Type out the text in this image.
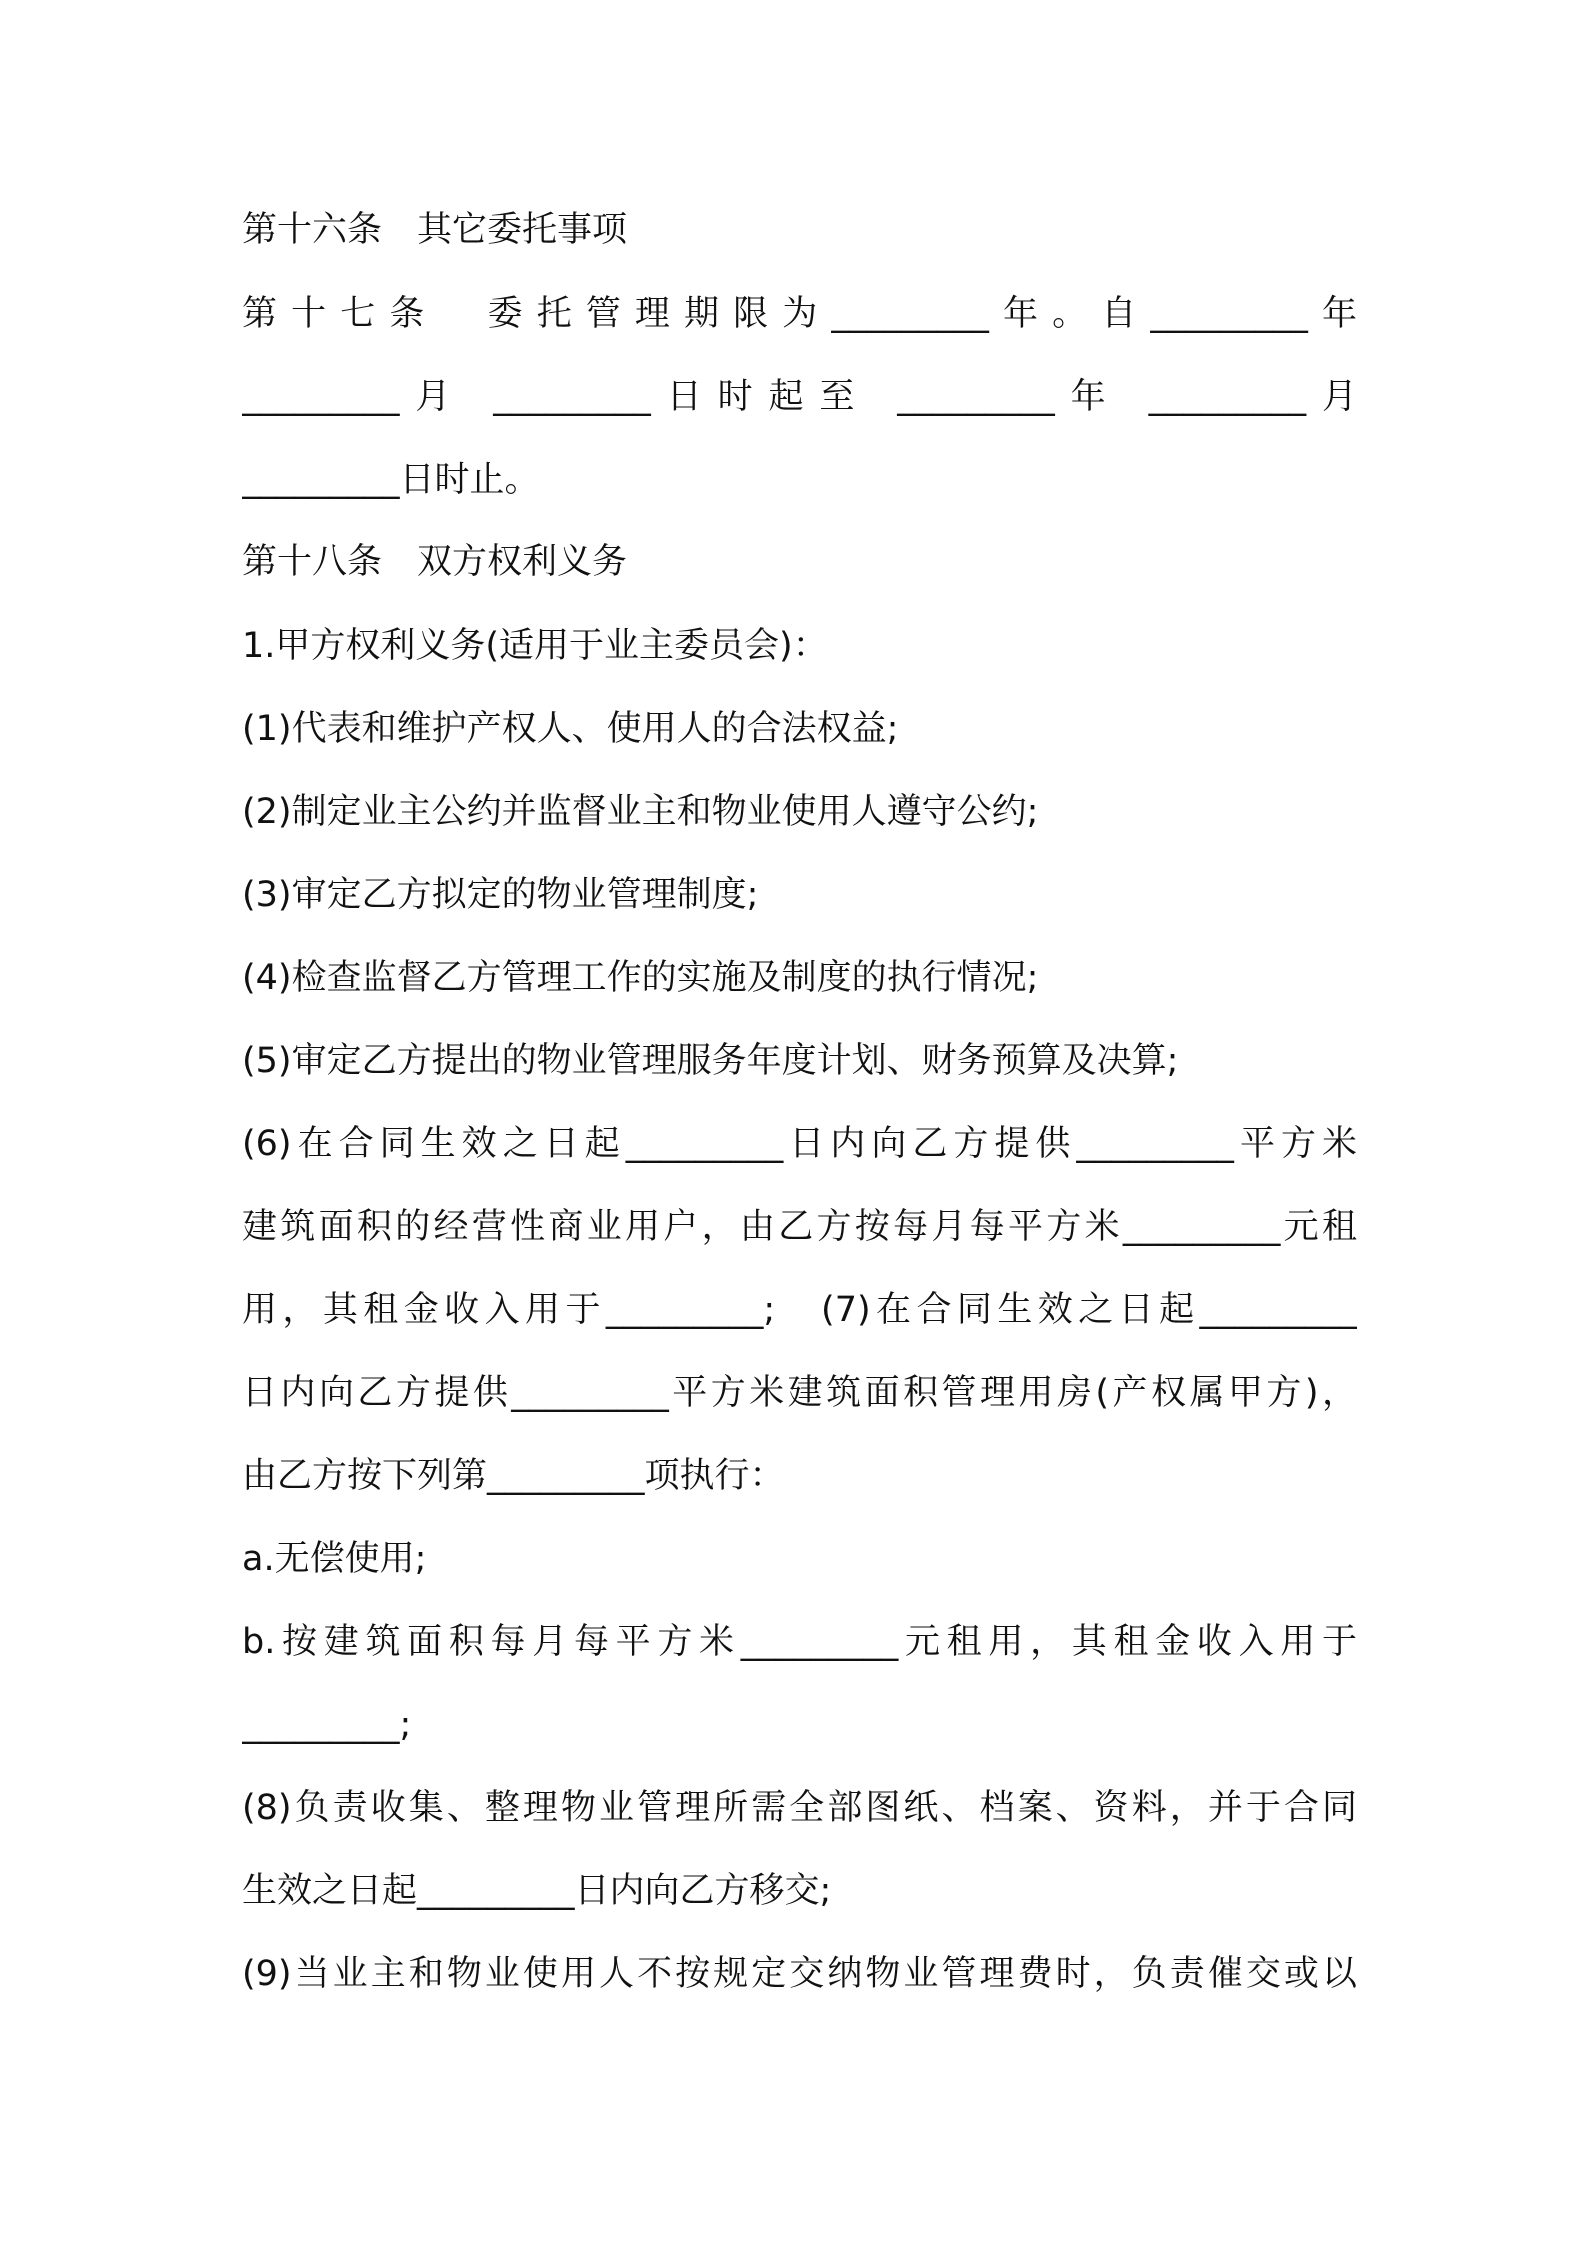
第十六条　其它委托事项
第十七条　委托管理期限为_________年。自_________年
_________月 _________日时起至 _________年 _________月
_________日时止。
第十八条　双方权利义务
1.甲方权利义务(适用于业主委员会)：
(1)代表和维护产权人、使用人的合法权益;
(2)制定业主公约并监督业主和物业使用人遵守公约;
(3)审定乙方拟定的物业管理制度;
(4)检查监督乙方管理工作的实施及制度的执行情况;
(5)审定乙方提出的物业管理服务年度计划、财务预算及决算;
(6)在合同生效之日起_________日内向乙方提供_________平方米
建筑面积的经营性商业用户，由乙方按每月每平方米_________元租
用，其租金收入用于_________;　(7)在合同生效之日起_________
日内向乙方提供_________平方米建筑面积管理用房(产权属甲方)，
由乙方按下列第_________项执行：
a.无偿使用;
b.按建筑面积每月每平方米_________元租用，其租金收入用于
_________;
(8)负责收集、整理物业管理所需全部图纸、档案、资料，并于合同
生效之日起_________日内向乙方移交;
(9)当业主和物业使用人不按规定交纳物业管理费时，负责催交或以
